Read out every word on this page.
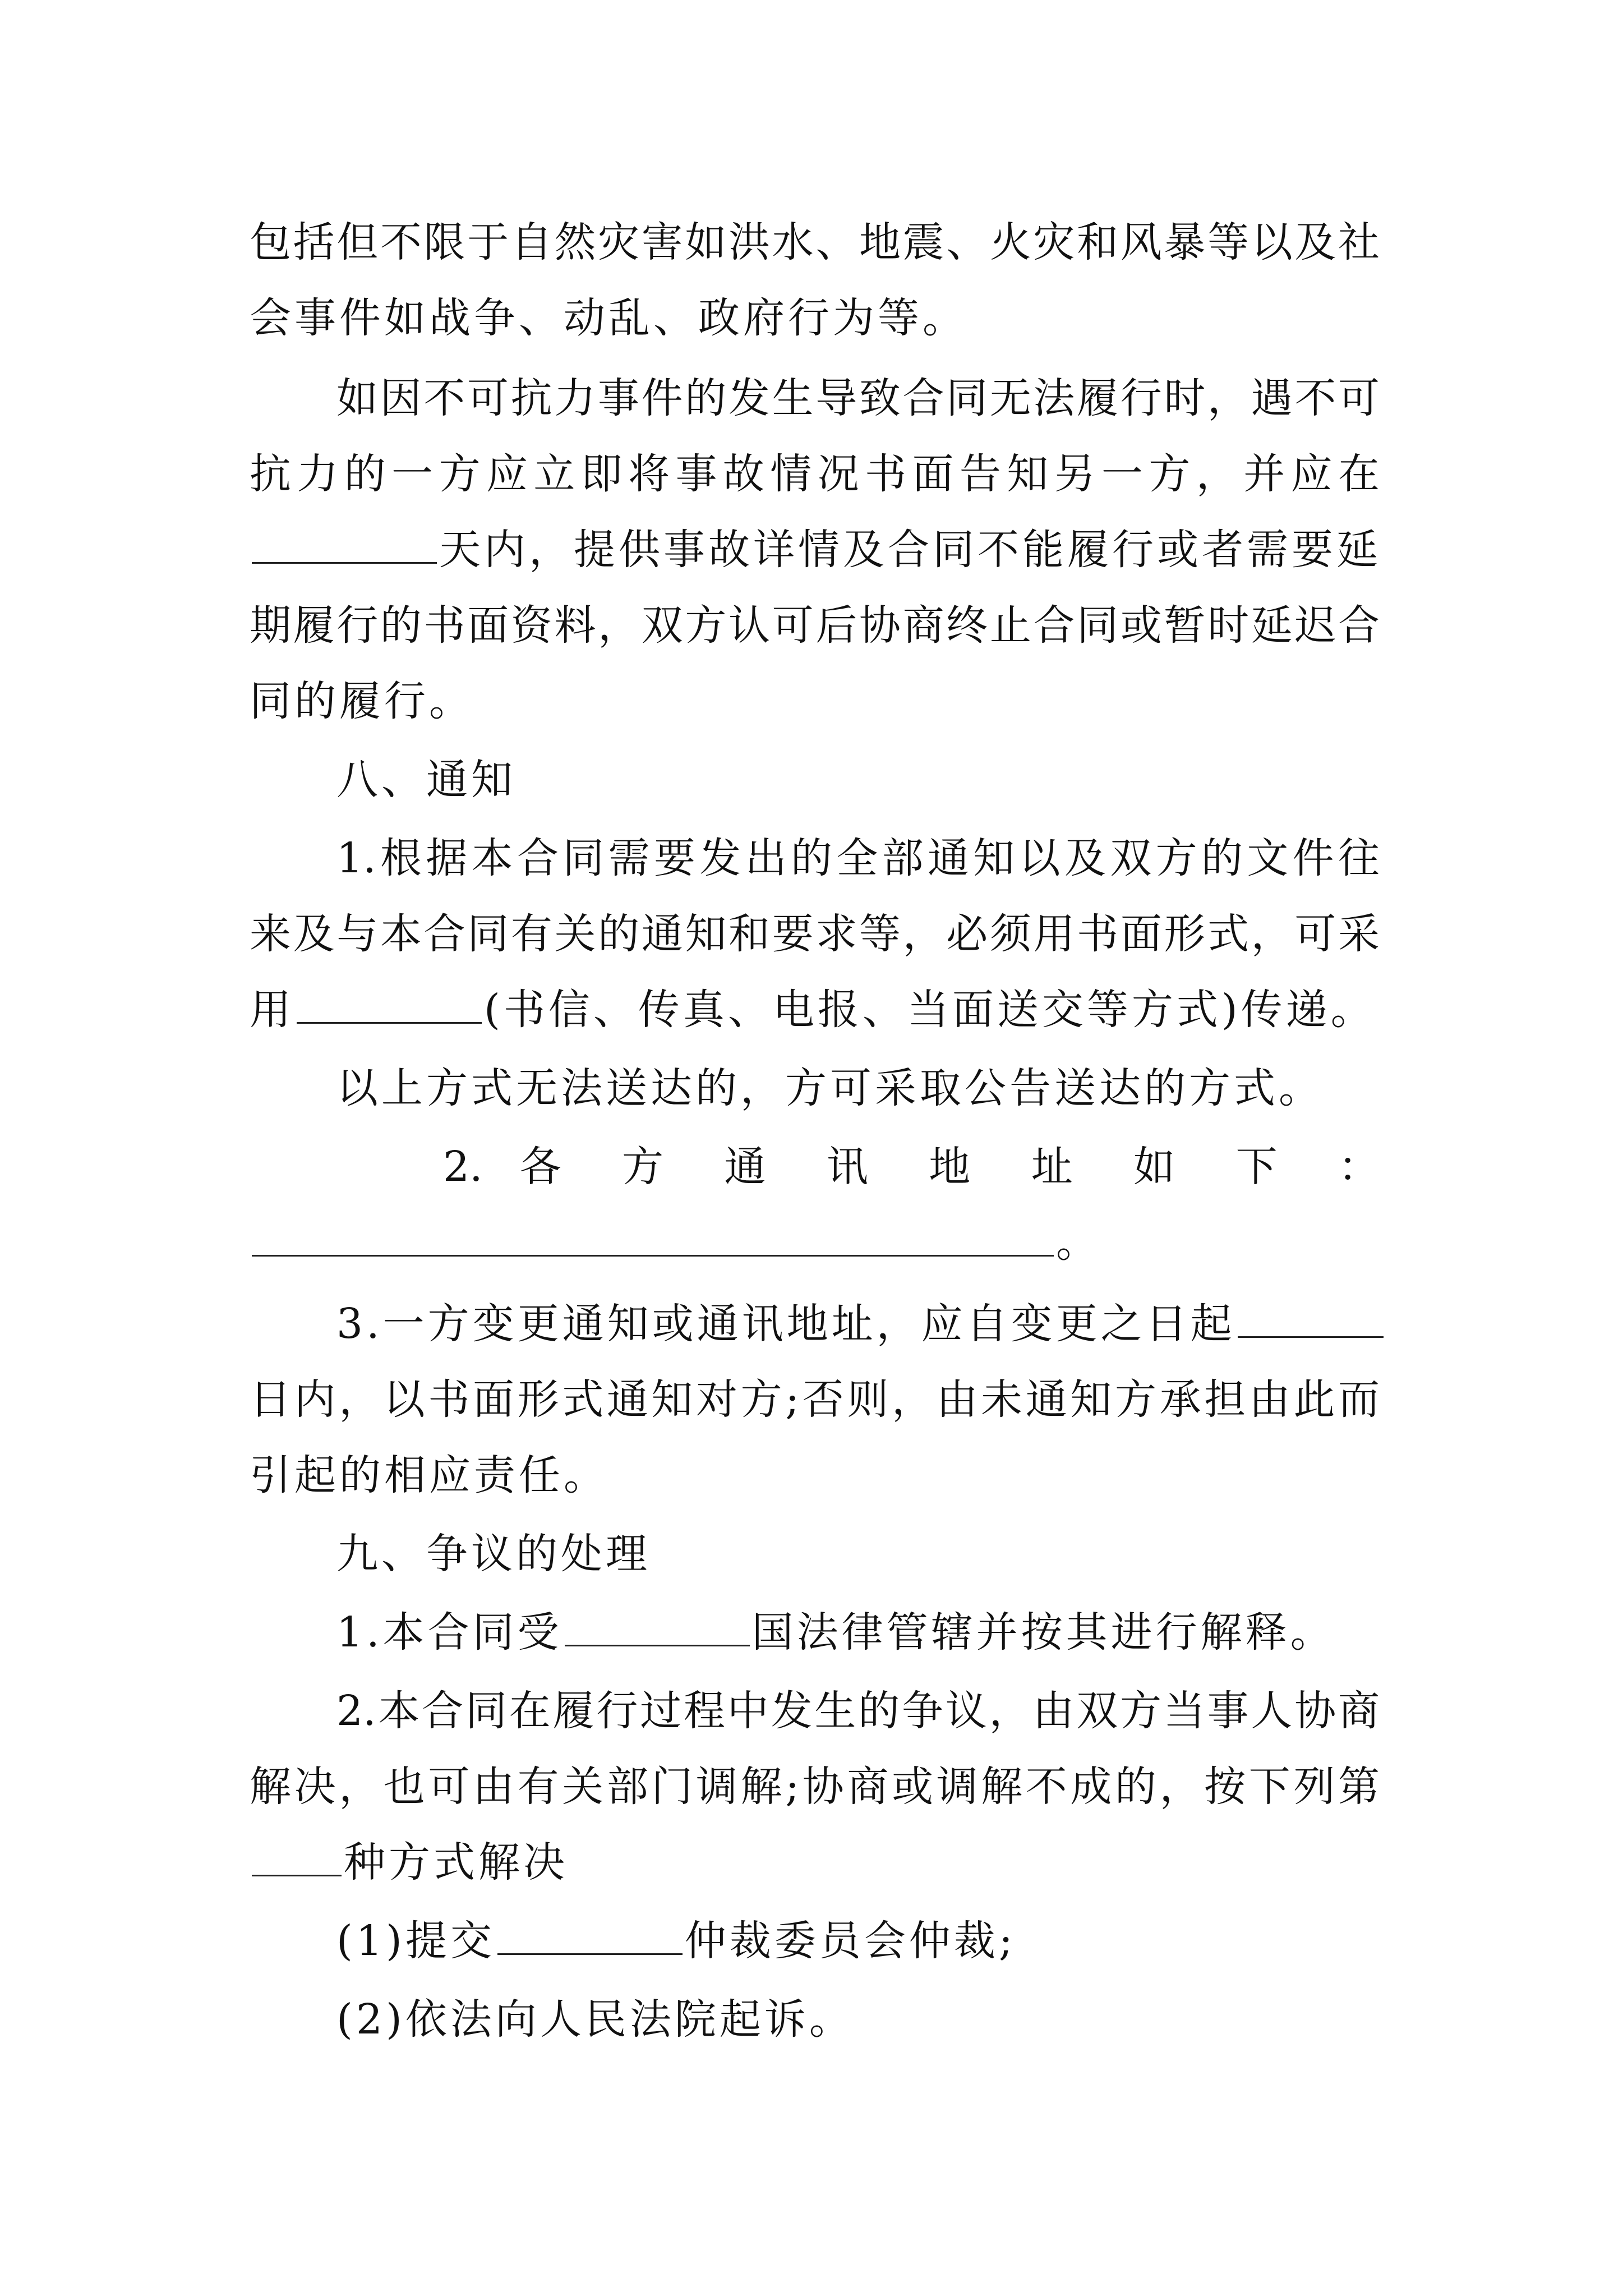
包括但不限于自然灾害如洪水、地震、火灾和风暴等以及社
会事件如战争、动乱、政府行为等。
如因不可抗力事件的发生导致合同无法履行时，遇不可
抗力的一方应立即将事故情况书面告知另一方，并应在
天内，提供事故详情及合同不能履行或者需要延
期履行的书面资料，双方认可后协商终止合同或暂时延迟合
同的履行。
八、通知
1.根据本合同需要发出的全部通知以及双方的文件往
来及与本合同有关的通知和要求等，必须用书面形式，可采
用	(书信、传真、电报、当面送交等方式)传递。
以上方式无法送达的，方可采取公告送达的方式。
2. 各 方 通 讯 地 址 如 下 ：
。
3.一方变更通知或通讯地址，应自变更之日起
日内，以书面形式通知对方;否则，由未通知方承担由此而
引起的相应责任。
九、争议的处理
1.本合同受	国法律管辖并按其进行解释。
2.本合同在履行过程中发生的争议，由双方当事人协商
解决，也可由有关部门调解;协商或调解不成的，按下列第
种方式解决
(1)提交	仲裁委员会仲裁;
(2)依法向人民法院起诉。
